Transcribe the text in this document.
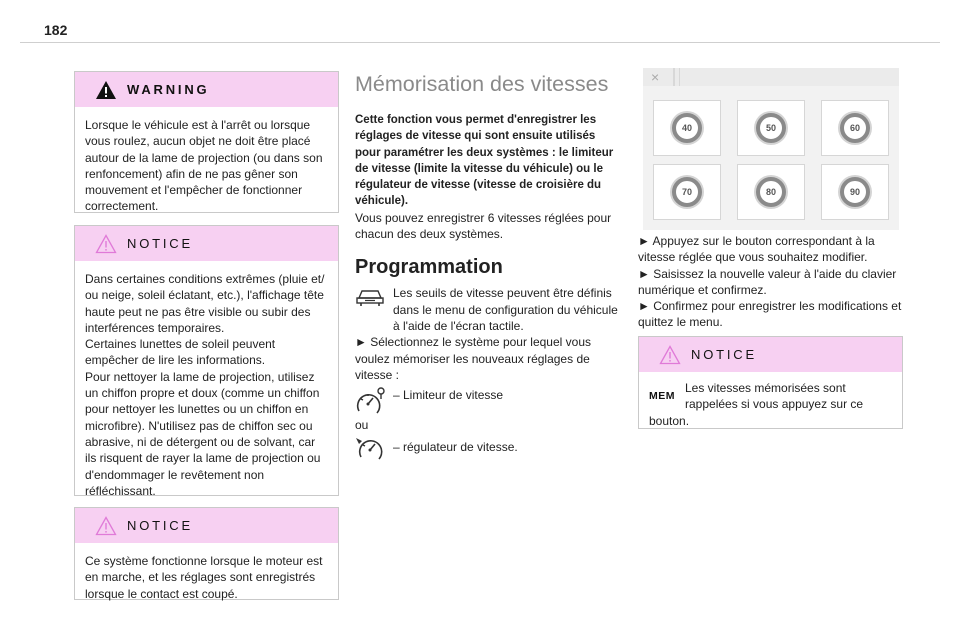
182
WARNING

Lorsque le véhicule est à l'arrêt ou lorsque vous roulez, aucun objet ne doit être placé autour de la lame de projection (ou dans son renfoncement) afin de ne pas gêner son mouvement et l'empêcher de fonctionner correctement.

NOTICE

Dans certaines conditions extrêmes (pluie et/ ou neige, soleil éclatant, etc.), l'affichage tête haute peut ne pas être visible ou subir des interférences temporaires.

Certaines lunettes de soleil peuvent empêcher de lire les informations.

Pour nettoyer la lame de projection, utilisez un chiffon propre et doux (comme un chiffon pour nettoyer les lunettes ou un chiffon en microfibre). N'utilisez pas de chiffon sec ou abrasive, ni de détergent ou de solvant, car ils risquent de rayer la lame de projection ou d'endommager le revêtement non réfléchissant.

NOTICE

Ce système fonctionne lorsque le moteur est en marche, et les réglages sont enregistrés lorsque le contact est coupé.

Mémorisation des vitesses

Cette fonction vous permet d'enregistrer les réglages de vitesse qui sont ensuite utilisés pour paramétrer les deux systèmes : le limiteur de vitesse (limite la vitesse du véhicule) ou le régulateur de vitesse (vitesse de croisière du véhicule).

Vous pouvez enregistrer 6 vitesses réglées pour chacun des deux systèmes.

Programmation

Les seuils de vitesse peuvent être définis dans le menu de configuration du véhicule à l'aide de l'écran tactile.

► Sélectionnez le système pour lequel vous voulez mémoriser les nouveaux réglages de vitesse :

– Limiteur de vitesse

ou

– régulateur de vitesse.

×
40	50	60
70	80	90

► Appuyez sur le bouton correspondant à la vitesse réglée que vous souhaitez modifier.

► Saisissez la nouvelle valeur à l'aide du clavier numérique et confirmez.

► Confirmez pour enregistrer les modifications et quittez le menu.

NOTICE
MEM

Les vitesses mémorisées sont rappelées si vous appuyez sur ce bouton.
